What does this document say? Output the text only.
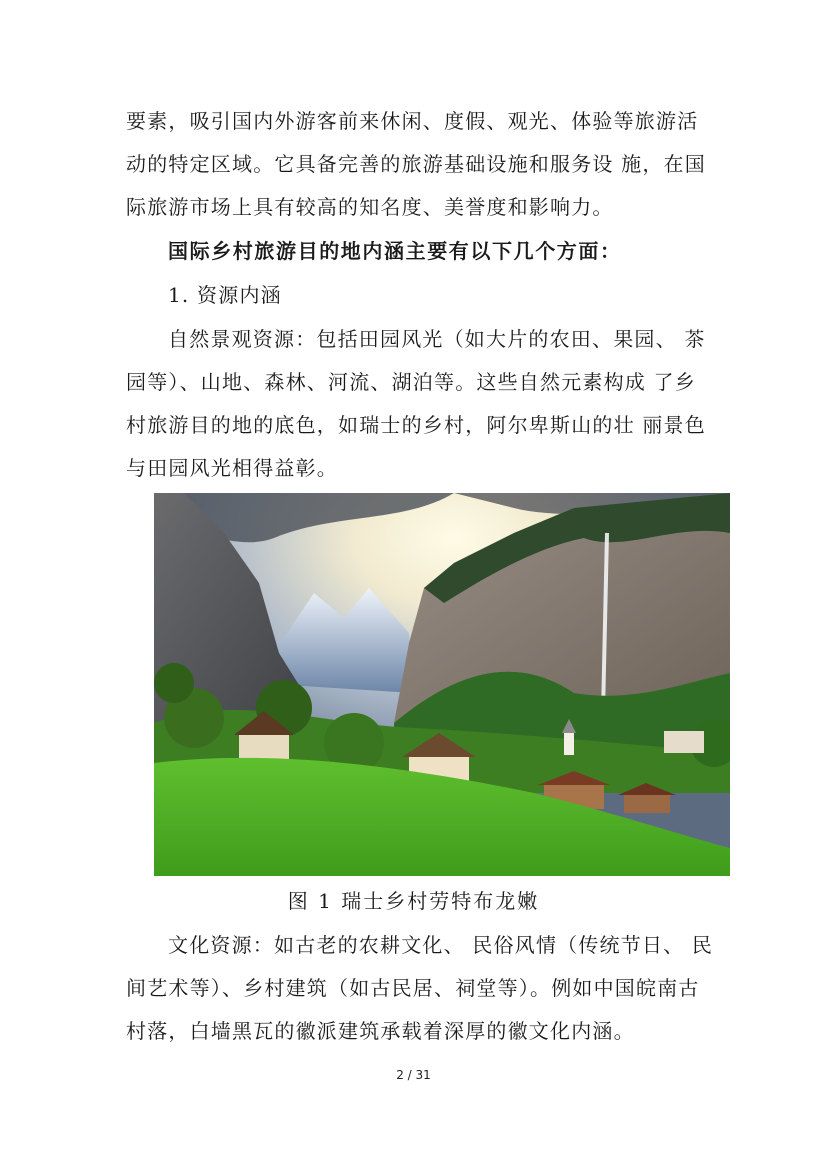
要素，吸引国内外游客前来休闲、度假、观光、体验等旅游活
动的特定区域。它具备完善的旅游基础设施和服务设 施，在国
际旅游市场上具有较高的知名度、美誉度和影响力。
国际乡村旅游目的地内涵主要有以下几个方面：
1. 资源内涵
自然景观资源：包括田园风光（如大片的农田、果园、 茶
园等）、山地、森林、河流、湖泊等。这些自然元素构成 了乡
村旅游目的地的底色，如瑞士的乡村，阿尔卑斯山的壮 丽景色
与田园风光相得益彰。
图 1 瑞士乡村劳特布龙嫩
文化资源：如古老的农耕文化、 民俗风情（传统节日、 民
间艺术等）、乡村建筑（如古民居、祠堂等）。例如中国皖南古
村落，白墙黑瓦的徽派建筑承载着深厚的徽文化内涵。
2 / 31
